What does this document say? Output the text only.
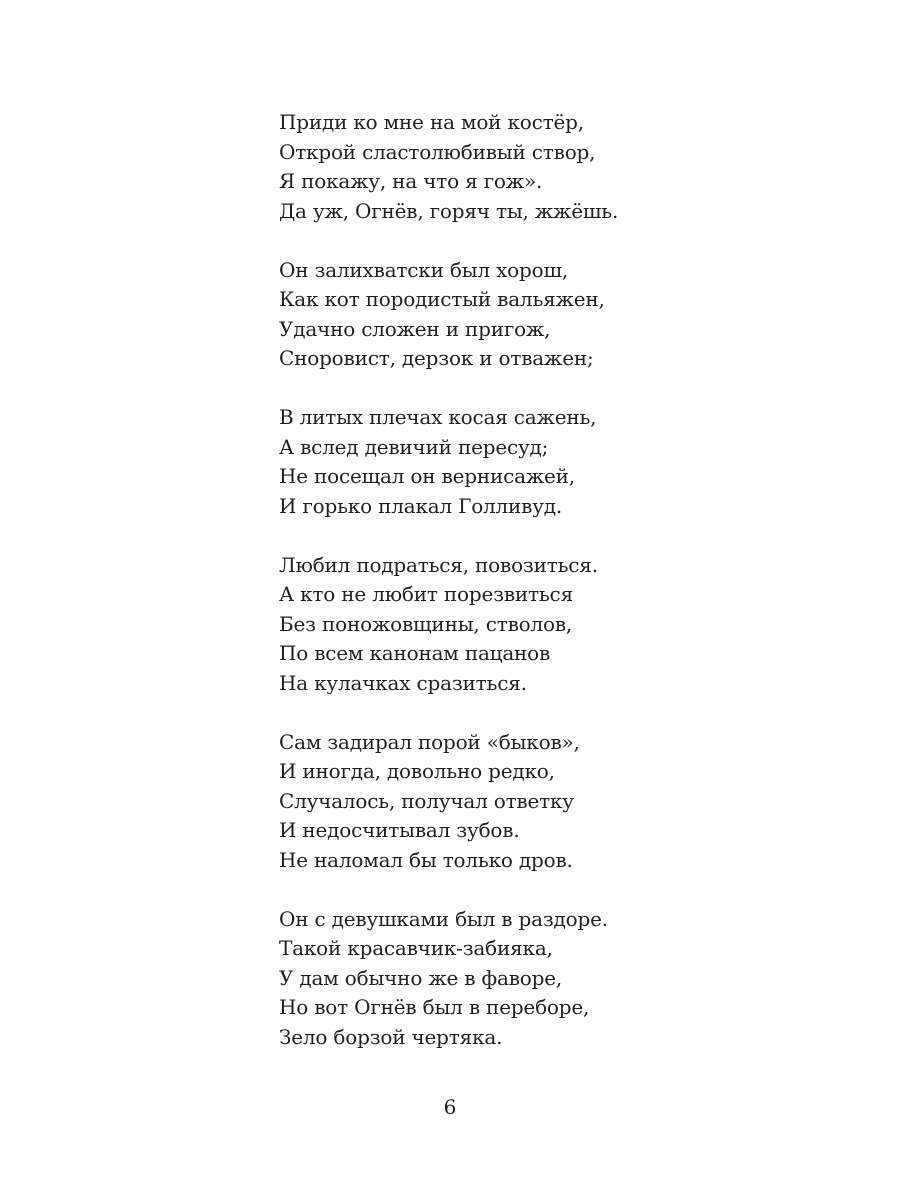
Приди ко мне на мой костёр,
Открой сластолюбивый створ,
Я покажу, на что я гож».
Да уж, Огнёв, горяч ты, жжёшь.
Он залихватски был хорош,
Как кот породистый вальяжен,
Удачно сложен и пригож,
Сноровист, дерзок и отважен;
В литых плечах косая сажень,
А вслед девичий пересуд;
Не посещал он вернисажей,
И горько плакал Голливуд.
Любил подраться, повозиться.
А кто не любит порезвиться
Без поножовщины, стволов,
По всем канонам пацанов
На кулачках сразиться.
Сам задирал порой «быков»,
И иногда, довольно редко,
Случалось, получал ответку
И недосчитывал зубов.
Не наломал бы только дров.
Он с девушками был в раздоре.
Такой красавчик-забияка,
У дам обычно же в фаворе,
Но вот Огнёв был в переборе,
Зело борзой чертяка.
6
